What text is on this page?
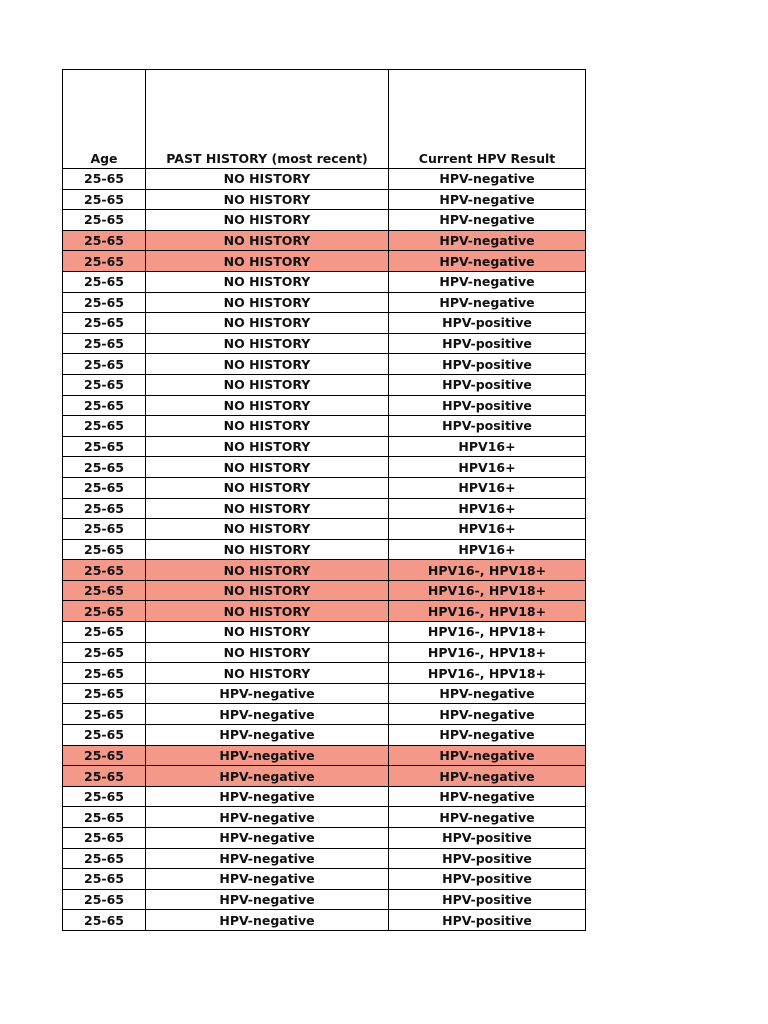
Age	PAST HISTORY (most recent)	Current HPV Result
25-65	NO HISTORY	HPV-negative
25-65	NO HISTORY	HPV-negative
25-65	NO HISTORY	HPV-negative
25-65	NO HISTORY	HPV-negative
25-65	NO HISTORY	HPV-negative
25-65	NO HISTORY	HPV-negative
25-65	NO HISTORY	HPV-negative
25-65	NO HISTORY	HPV-positive
25-65	NO HISTORY	HPV-positive
25-65	NO HISTORY	HPV-positive
25-65	NO HISTORY	HPV-positive
25-65	NO HISTORY	HPV-positive
25-65	NO HISTORY	HPV-positive
25-65	NO HISTORY	HPV16+
25-65	NO HISTORY	HPV16+
25-65	NO HISTORY	HPV16+
25-65	NO HISTORY	HPV16+
25-65	NO HISTORY	HPV16+
25-65	NO HISTORY	HPV16+
25-65	NO HISTORY	HPV16-, HPV18+
25-65	NO HISTORY	HPV16-, HPV18+
25-65	NO HISTORY	HPV16-, HPV18+
25-65	NO HISTORY	HPV16-, HPV18+
25-65	NO HISTORY	HPV16-, HPV18+
25-65	NO HISTORY	HPV16-, HPV18+
25-65	HPV-negative	HPV-negative
25-65	HPV-negative	HPV-negative
25-65	HPV-negative	HPV-negative
25-65	HPV-negative	HPV-negative
25-65	HPV-negative	HPV-negative
25-65	HPV-negative	HPV-negative
25-65	HPV-negative	HPV-negative
25-65	HPV-negative	HPV-positive
25-65	HPV-negative	HPV-positive
25-65	HPV-negative	HPV-positive
25-65	HPV-negative	HPV-positive
25-65	HPV-negative	HPV-positive
